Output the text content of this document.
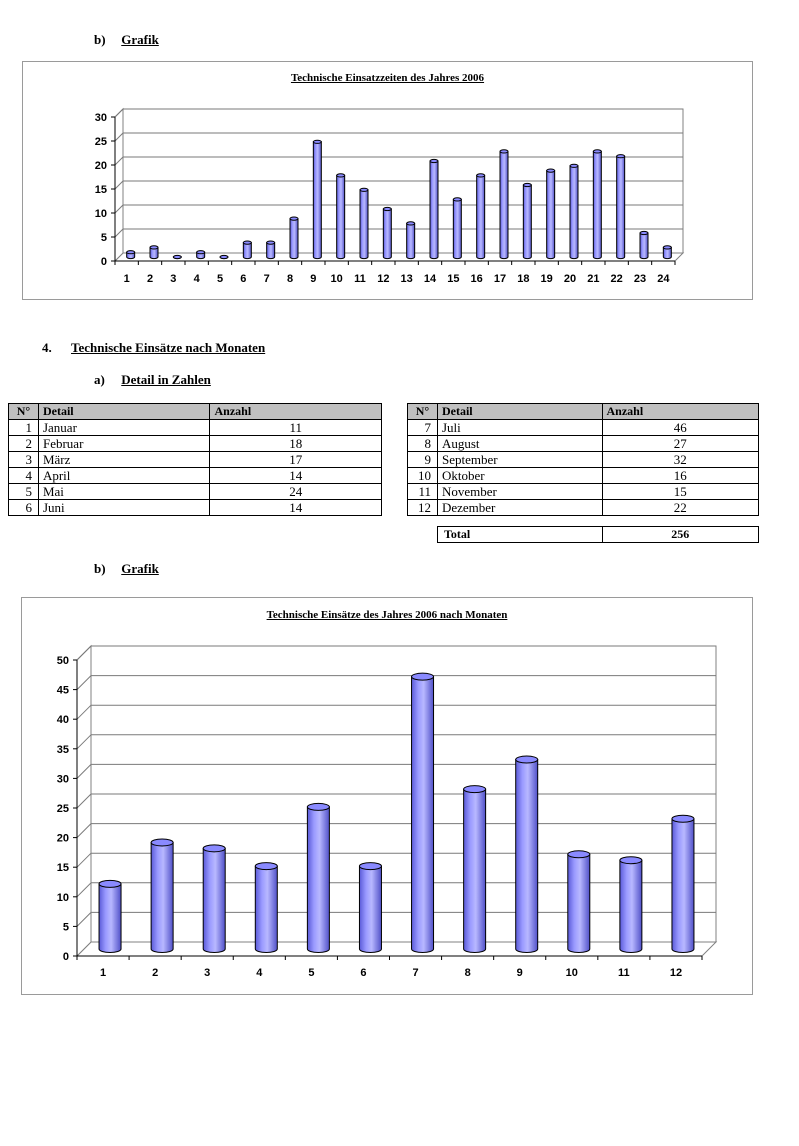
b) Grafik
Technische Einsatzzeiten des Jahres 2006
0
5
10
15
20
25
30
1 2 3 4 5 6 7 8 9 10 11 12 13 14 15 16 17 18 19 20 21 22 23 24
4. Technische Einsätze nach Monaten
a) Detail in Zahlen
N°	Detail	Anzahl
1	Januar	11
2	Februar	18
3	März	17
4	April	14
5	Mai	24
6	Juni	14
N°	Detail	Anzahl
7	Juli	46
8	August	27
9	September	32
10	Oktober	16
11	November	15
12	Dezember	22
Total	256
b) Grafik
Technische Einsätze des Jahres 2006 nach Monaten
0
5
10
15
20
25
30
35
40
45
50
1	2	3	4	5	6	7	8	9	10	11	12
